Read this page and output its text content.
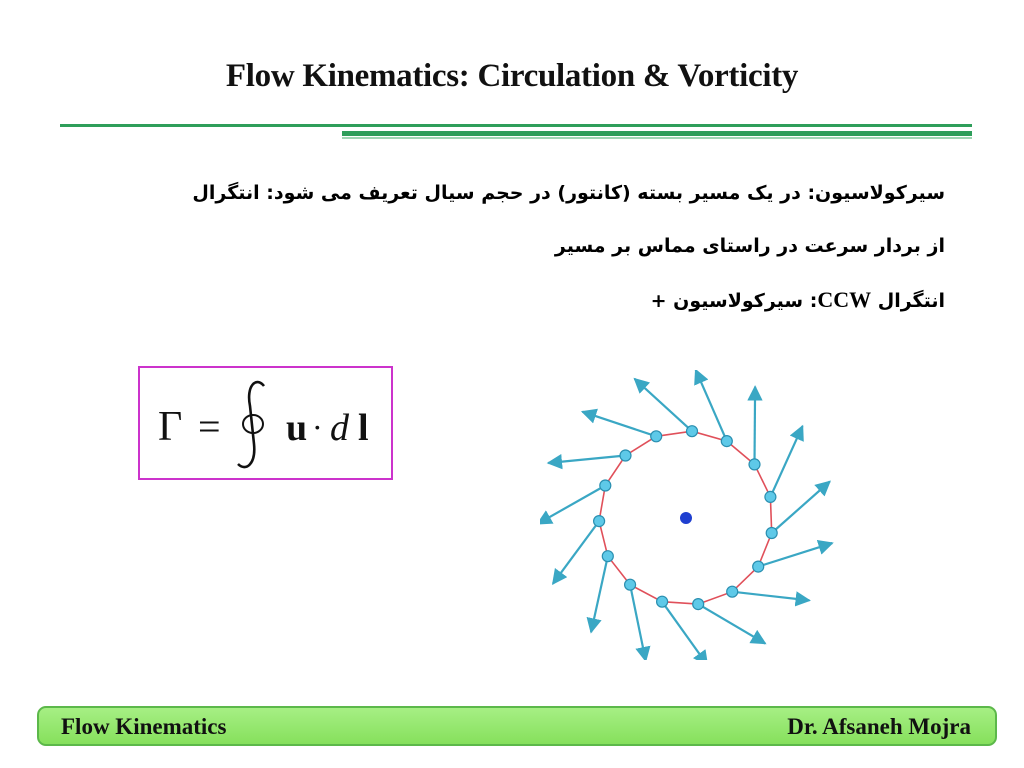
Flow Kinematics: Circulation & Vorticity

سیرکولاسیون: در یک مسیر بسته (کانتور) در حجم سیال تعریف می شود: انتگرال

از بردار سرعت در راستای مماس بر مسیر

انتگرال CCW: سیرکولاسیون +

Γ = u · d l
Flow Kinematics	Dr. Afsaneh Mojra
